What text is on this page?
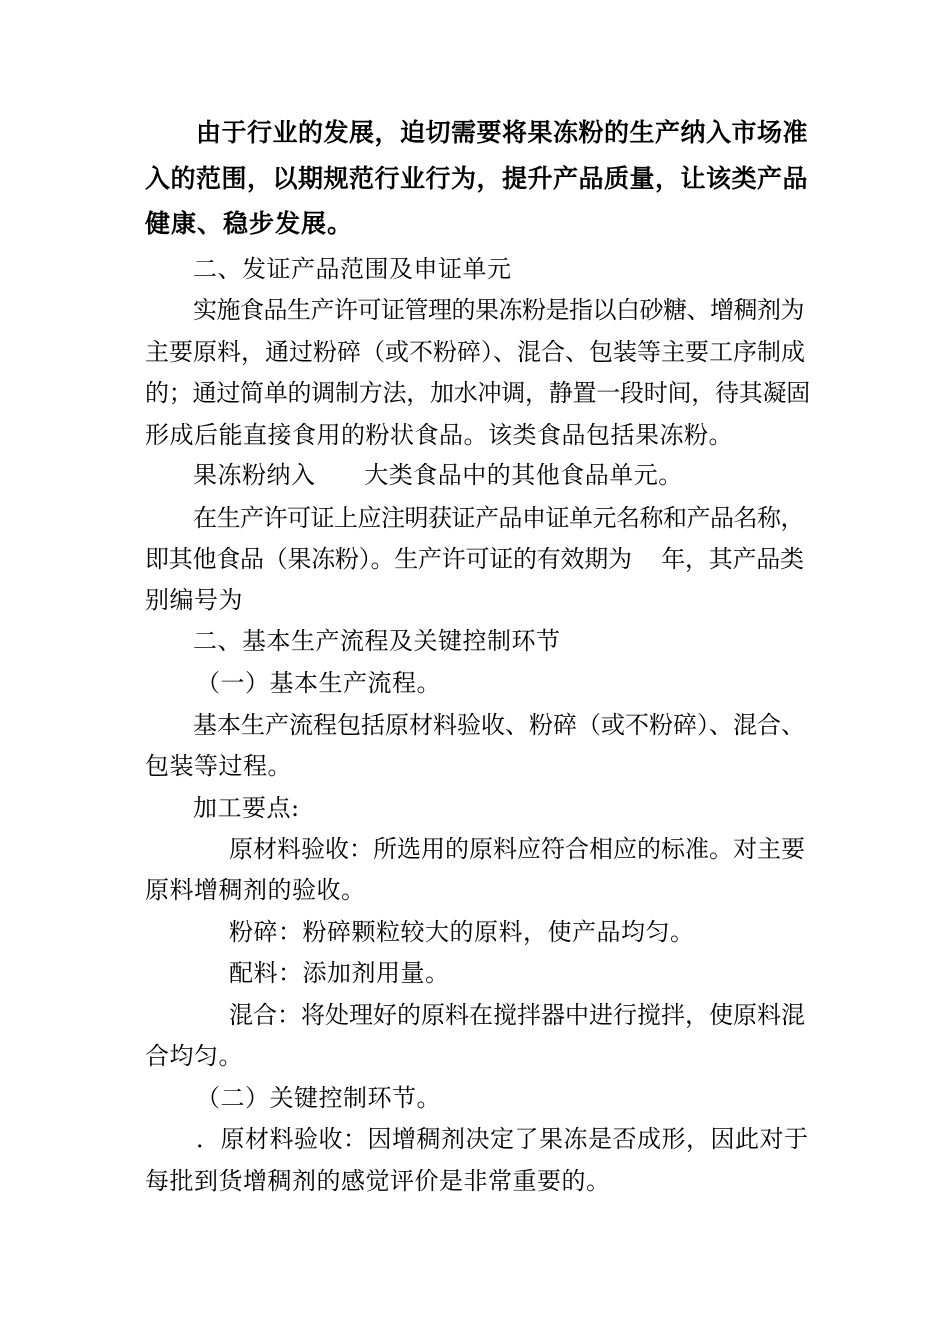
由于行业的发展，迫切需要将果冻粉的生产纳入市场准
入的范围，以期规范行业行为，提升产品质量，让该类产品
健康、稳步发展。
二、发证产品范围及申证单元
实施食品生产许可证管理的果冻粉是指以白砂糖、增稠剂为
主要原料，通过粉碎（或不粉碎）、混合、包装等主要工序制成
的；通过简单的调制方法，加水冲调，静置一段时间，待其凝固
形成后能直接食用的粉状食品。该类食品包括果冻粉。
果冻粉纳入      大类食品中的其他食品单元。
在生产许可证上应注明获证产品申证单元名称和产品名称，
即其他食品（果冻粉）。生产许可证的有效期为    年，其产品类
别编号为
二、基本生产流程及关键控制环节
（一）基本生产流程。
基本生产流程包括原材料验收、粉碎（或不粉碎）、混合、
包装等过程。
加工要点:
原材料验收：所选用的原料应符合相应的标准。对主要
原料增稠剂的验收。
粉碎：粉碎颗粒较大的原料，使产品均匀。
配料：添加剂用量。
混合：将处理好的原料在搅拌器中进行搅拌，使原料混
合均匀。
（二）关键控制环节。
．原材料验收：因增稠剂决定了果冻是否成形，因此对于
每批到货增稠剂的感觉评价是非常重要的。
